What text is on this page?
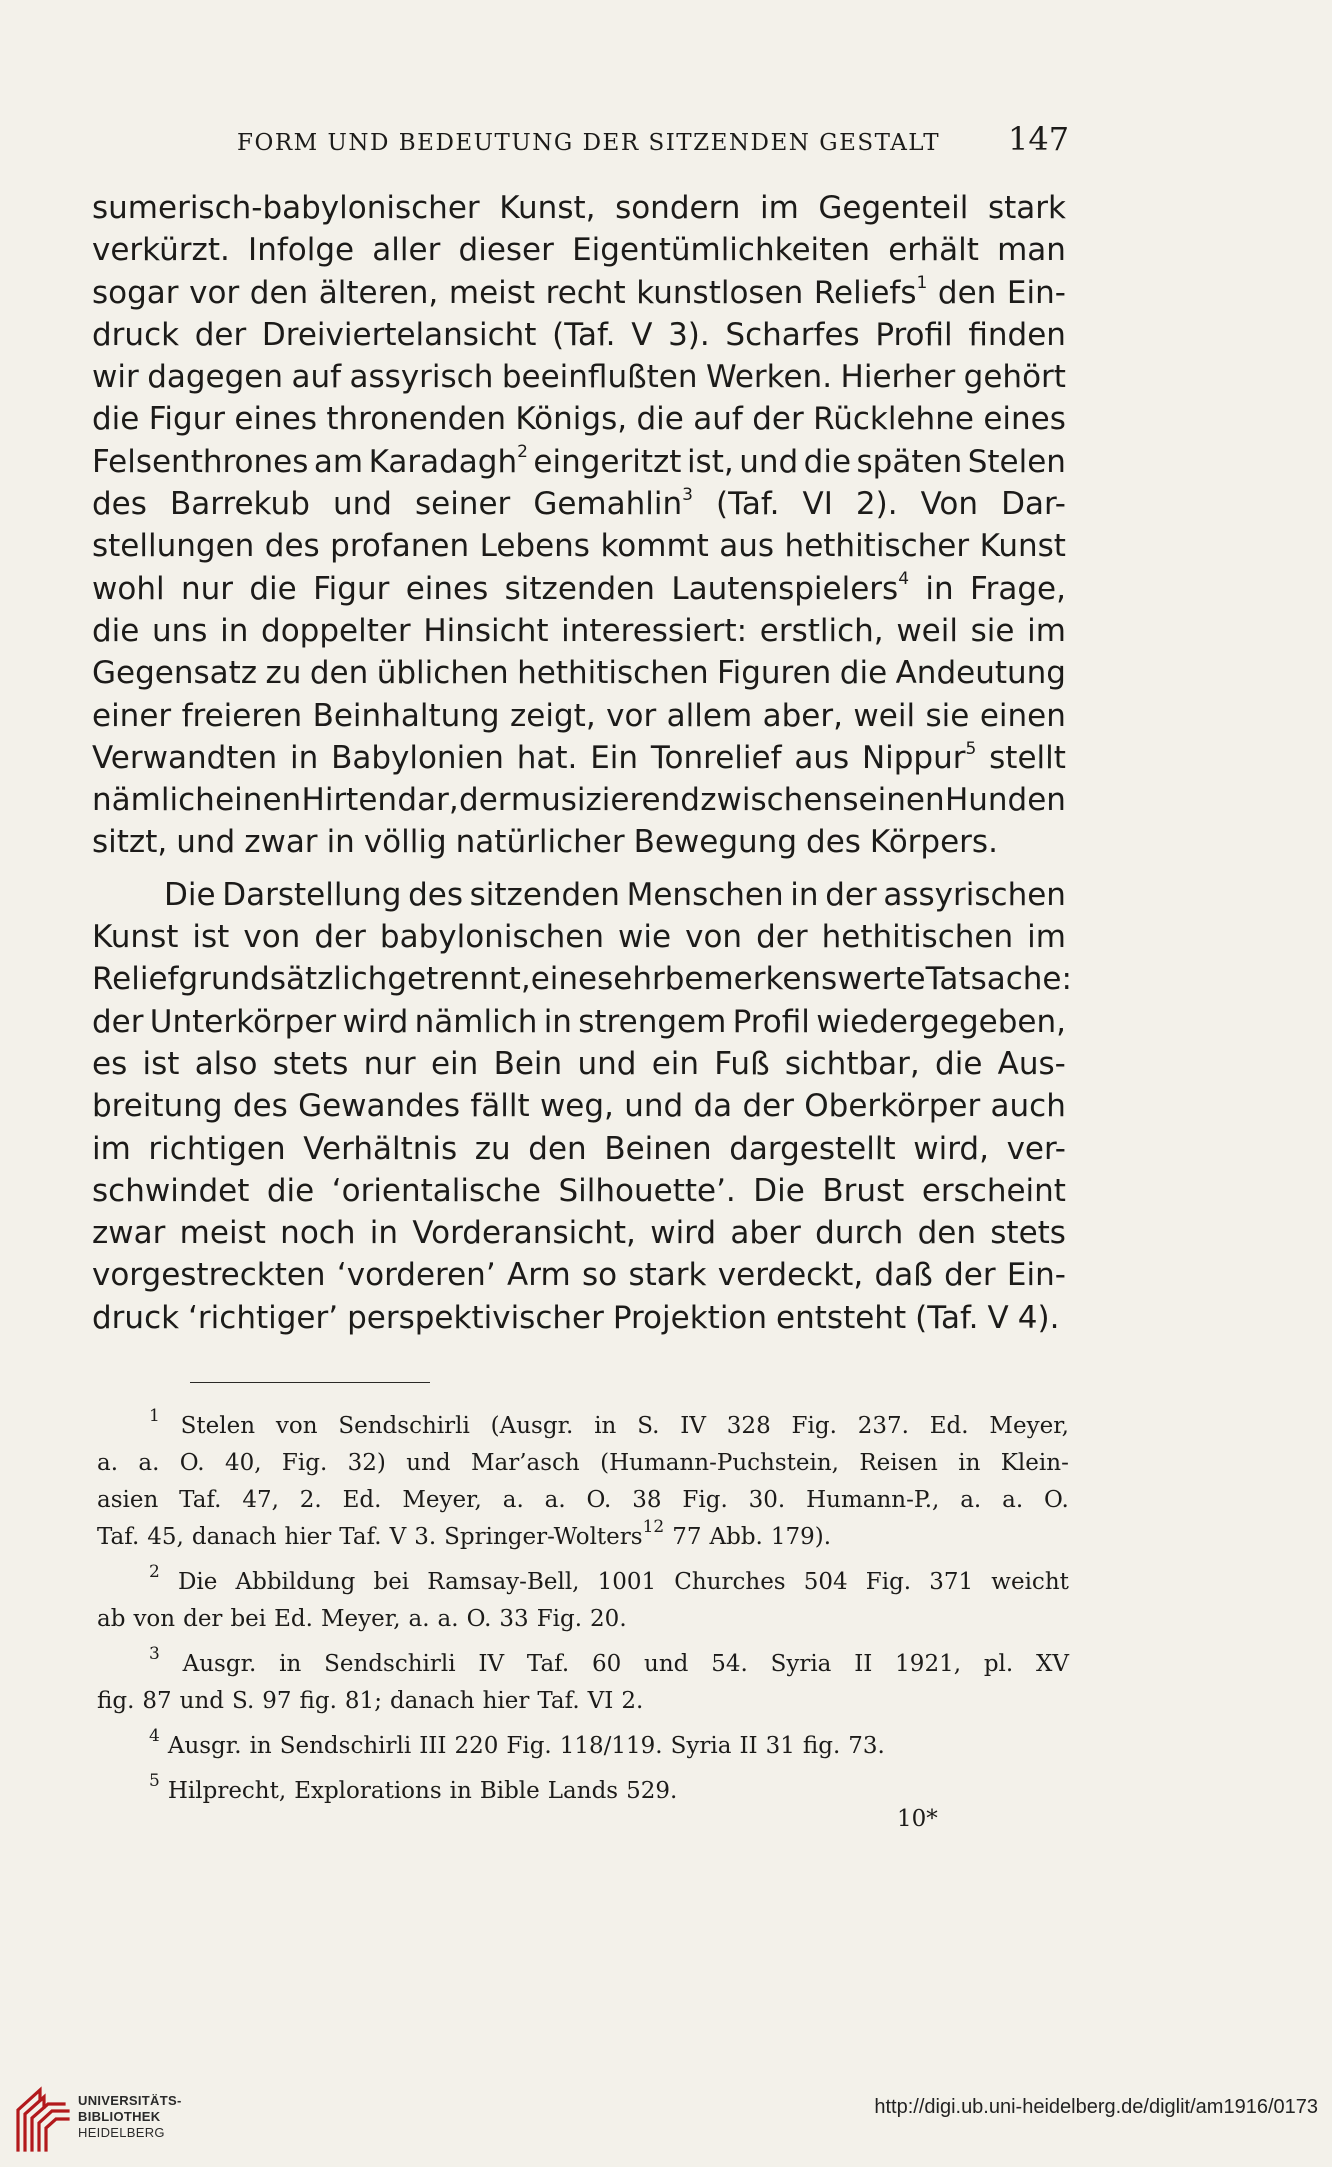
FORM UND BEDEUTUNG DER SITZENDEN GESTALT 147
sumerisch-babylonischer Kunst, sondern im Gegenteil stark
verkürzt. Infolge aller dieser Eigentümlichkeiten erhält man
sogar vor den älteren, meist recht kunstlosen Reliefs$^1$ den Ein-
druck der Dreiviertelansicht (Taf. V 3). Scharfes Profil finden
wir dagegen auf assyrisch beeinflußten Werken. Hierher gehört
die Figur eines thronenden Königs, die auf der Rücklehne eines
Felsenthrones am Karadagh$^2$ eingeritzt ist, und die späten Stelen
des Barrekub und seiner Gemahlin$^3$ (Taf. VI 2). Von Dar-
stellungen des profanen Lebens kommt aus hethitischer Kunst
wohl nur die Figur eines sitzenden Lautenspielers$^4$ in Frage,
die uns in doppelter Hinsicht interessiert: erstlich, weil sie im
Gegensatz zu den üblichen hethitischen Figuren die Andeutung
einer freieren Beinhaltung zeigt, vor allem aber, weil sie einen
Verwandten in Babylonien hat. Ein Tonrelief aus Nippur$^5$ stellt
nämlich einen Hirten dar, der musizierend zwischen seinen Hunden
sitzt, und zwar in völlig natürlicher Bewegung des Körpers.
Die Darstellung des sitzenden Menschen in der assyrischen
Kunst ist von der babylonischen wie von der hethitischen im
Relief grundsätzlich getrennt, eine sehr bemerkenswerte Tatsache:
der Unterkörper wird nämlich in strengem Profil wiedergegeben,
es ist also stets nur ein Bein und ein Fuß sichtbar, die Aus-
breitung des Gewandes fällt weg, und da der Oberkörper auch
im richtigen Verhältnis zu den Beinen dargestellt wird, ver-
schwindet die ‘orientalische Silhouette’. Die Brust erscheint
zwar meist noch in Vorderansicht, wird aber durch den stets
vorgestreckten ‘vorderen’ Arm so stark verdeckt, daß der Ein-
druck ‘richtiger’ perspektivischer Projektion entsteht (Taf. V 4).
$^1$ Stelen von Sendschirli (Ausgr. in S. IV 328 Fig. 237. Ed. Meyer,
a. a. O. 40, Fig. 32) und Mar’asch (Humann-Puchstein, Reisen in Klein-
asien Taf. 47, 2. Ed. Meyer, a. a. O. 38 Fig. 30. Humann-P., a. a. O.
Taf. 45, danach hier Taf. V 3. Springer-Wolters$^{12}$ 77 Abb. 179).
$^2$ Die Abbildung bei Ramsay-Bell, 1001 Churches 504 Fig. 371 weicht
ab von der bei Ed. Meyer, a. a. O. 33 Fig. 20.
$^3$ Ausgr. in Sendschirli IV Taf. 60 und 54. Syria II 1921, pl. XV
fig. 87 und S. 97 fig. 81; danach hier Taf. VI 2.
$^4$ Ausgr. in Sendschirli III 220 Fig. 118/119. Syria II 31 fig. 73.
$^5$ Hilprecht, Explorations in Bible Lands 529.
10*
UNIVERSITÄTS-
BIBLIOTHEK
HEIDELBERG
http://digi.ub.uni-heidelberg.de/diglit/am1916/0173
